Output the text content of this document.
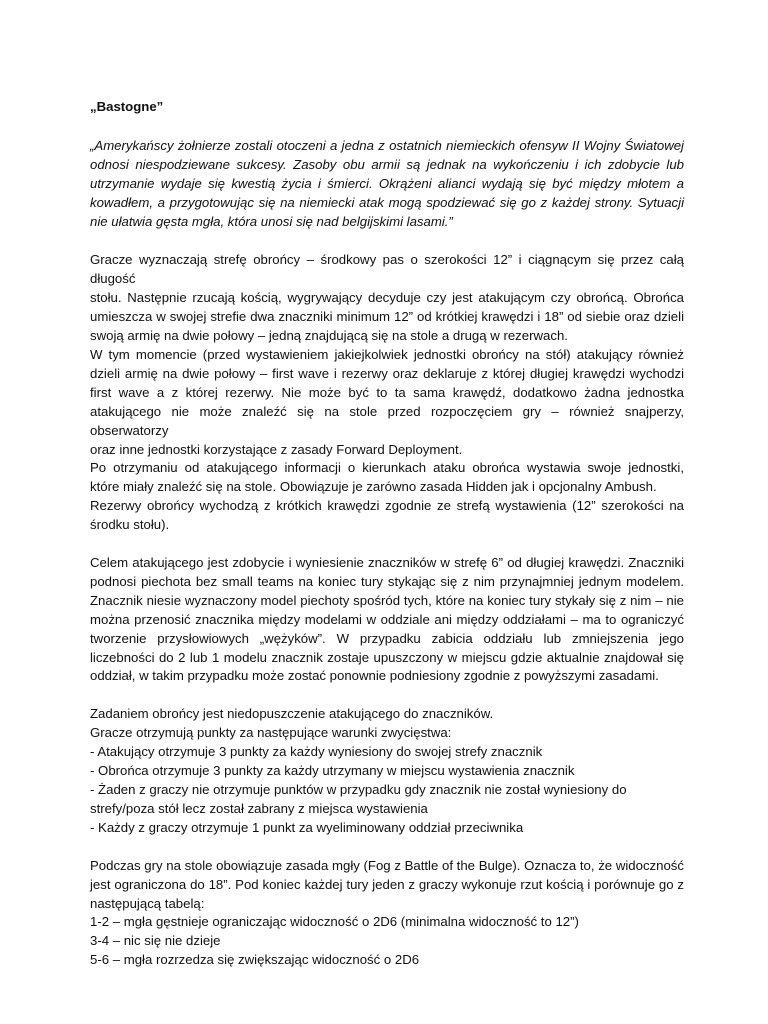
„Bastogne”
„Amerykańscy żołnierze zostali otoczeni a jedna z ostatnich niemieckich ofensyw II Wojny Światowej
odnosi niespodziewane sukcesy. Zasoby obu armii są jednak na wykończeniu i ich zdobycie lub
utrzymanie wydaje się kwestią życia i śmierci. Okrążeni alianci wydają się być między młotem a
kowadłem, a przygotowując się na niemiecki atak mogą spodziewać się go z każdej strony. Sytuacji
nie ułatwia gęsta mgła, która unosi się nad belgijskimi lasami.”
Gracze wyznaczają strefę obrońcy – środkowy pas o szerokości 12” i ciągnącym się przez całą długość
stołu. Następnie rzucają kością, wygrywający decyduje czy jest atakującym czy obrońcą. Obrońca
umieszcza w swojej strefie dwa znaczniki minimum 12” od krótkiej krawędzi i 18” od siebie oraz dzieli
swoją armię na dwie połowy – jedną znajdującą się na stole a drugą w rezerwach.
W tym momencie (przed wystawieniem jakiejkolwiek jednostki obrońcy na stół) atakujący również
dzieli armię na dwie połowy – first wave i rezerwy oraz deklaruje z której długiej krawędzi wychodzi
first wave a z której rezerwy. Nie może być to ta sama krawędź, dodatkowo żadna jednostka
atakującego nie może znaleźć się na stole przed rozpoczęciem gry – również snajperzy, obserwatorzy
oraz inne jednostki korzystające z zasady Forward Deployment.
Po otrzymaniu od atakującego informacji o kierunkach ataku obrońca wystawia swoje jednostki,
które miały znaleźć się na stole. Obowiązuje je zarówno zasada Hidden jak i opcjonalny Ambush.
Rezerwy obrońcy wychodzą z krótkich krawędzi zgodnie ze strefą wystawienia (12” szerokości na
środku stołu).
Celem atakującego jest zdobycie i wyniesienie znaczników w strefę 6” od długiej krawędzi. Znaczniki
podnosi piechota bez small teams na koniec tury stykając się z nim przynajmniej jednym modelem.
Znacznik niesie wyznaczony model piechoty spośród tych, które na koniec tury stykały się z nim – nie
można przenosić znacznika między modelami w oddziale ani między oddziałami – ma to ograniczyć
tworzenie przysłowiowych „wężyków”. W przypadku zabicia oddziału lub zmniejszenia jego
liczebności do 2 lub 1 modelu znacznik zostaje upuszczony w miejscu gdzie aktualnie znajdował się
oddział, w takim przypadku może zostać ponownie podniesiony zgodnie z powyższymi zasadami.
Zadaniem obrońcy jest niedopuszczenie atakującego do znaczników.
Gracze otrzymują punkty za następujące warunki zwycięstwa:
- Atakujący otrzymuje 3 punkty za każdy wyniesiony do swojej strefy znacznik
- Obrońca otrzymuje 3 punkty za każdy utrzymany w miejscu wystawienia znacznik
- Żaden z graczy nie otrzymuje punktów w przypadku gdy znacznik nie został wyniesiony do
strefy/poza stół lecz został zabrany z miejsca wystawienia
- Każdy z graczy otrzymuje 1 punkt za wyeliminowany oddział przeciwnika
Podczas gry na stole obowiązuje zasada mgły (Fog z Battle of the Bulge). Oznacza to, że widoczność
jest ograniczona do 18”. Pod koniec każdej tury jeden z graczy wykonuje rzut kością i porównuje go z
następującą tabelą:
1-2 – mgła gęstnieje ograniczając widoczność o 2D6 (minimalna widoczność to 12”)
3-4 – nic się nie dzieje
5-6 – mgła rozrzedza się zwiększając widoczność o 2D6
